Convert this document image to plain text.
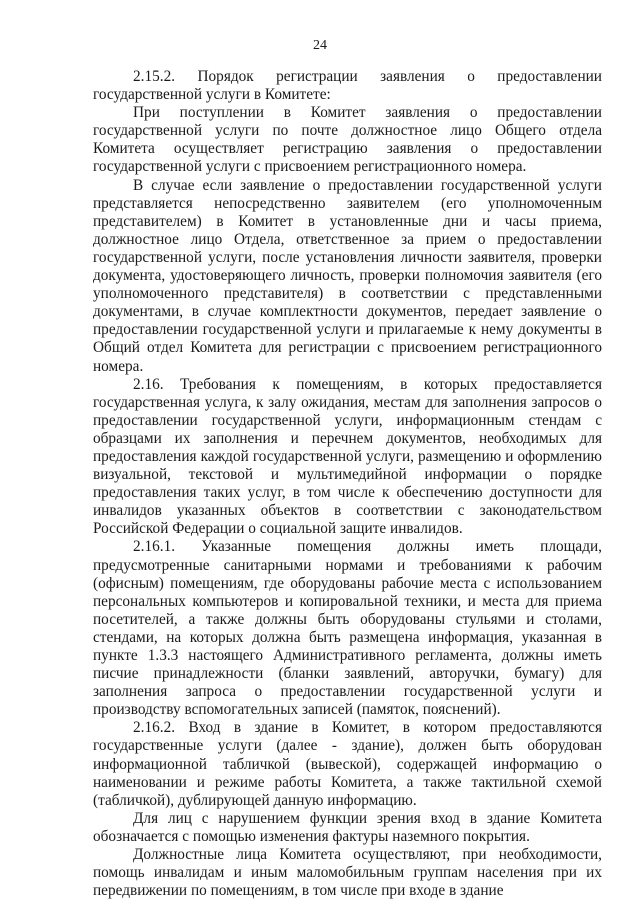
24

2.15.2. Порядок регистрации заявления о предоставлении государственной услуги в Комитете:

При поступлении в Комитет заявления о предоставлении государственной услуги по почте должностное лицо Общего отдела Комитета осуществляет регистрацию заявления о предоставлении государственной услуги с присвоением регистрационного номера.

В случае если заявление о предоставлении государственной услуги представляется непосредственно заявителем (его уполномоченным представителем) в Комитет в установленные дни и часы приема, должностное лицо Отдела, ответственное за прием о предоставлении государственной услуги, после установления личности заявителя, проверки документа, удостоверяющего личность, проверки полномочия заявителя (его уполномоченного представителя) в соответствии с представленными документами, в случае комплектности документов, передает заявление о предоставлении государственной услуги и прилагаемые к нему документы в Общий отдел Комитета для регистрации с присвоением регистрационного номера.

2.16. Требования к помещениям, в которых предоставляется государственная услуга, к залу ожидания, местам для заполнения запросов о предоставлении государственной услуги, информационным стендам с образцами их заполнения и перечнем документов, необходимых для предоставления каждой государственной услуги, размещению и оформлению визуальной, текстовой и мультимедийной информации о порядке предоставления таких услуг, в том числе к обеспечению доступности для инвалидов указанных объектов в соответствии с законодательством Российской Федерации о социальной защите инвалидов.

2.16.1. Указанные помещения должны иметь площади, предусмотренные санитарными нормами и требованиями к рабочим (офисным) помещениям, где оборудованы рабочие места с использованием персональных компьютеров и копировальной техники, и места для приема посетителей, а также должны быть оборудованы стульями и столами, стендами, на которых должна быть размещена информация, указанная в пункте 1.3.3 настоящего Административного регламента, должны иметь писчие принадлежности (бланки заявлений, авторучки, бумагу) для заполнения запроса о предоставлении государственной услуги и производству вспомогательных записей (памяток, пояснений).

2.16.2. Вход в здание в Комитет, в котором предоставляются государственные услуги (далее - здание), должен быть оборудован информационной табличкой (вывеской), содержащей информацию о наименовании и режиме работы Комитета, а также тактильной схемой (табличкой), дублирующей данную информацию.

Для лиц с нарушением функции зрения вход в здание Комитета обозначается с помощью изменения фактуры наземного покрытия.

Должностные лица Комитета осуществляют, при необходимости, помощь инвалидам и иным маломобильным группам населения при их передвижении по помещениям, в том числе при входе в здание
